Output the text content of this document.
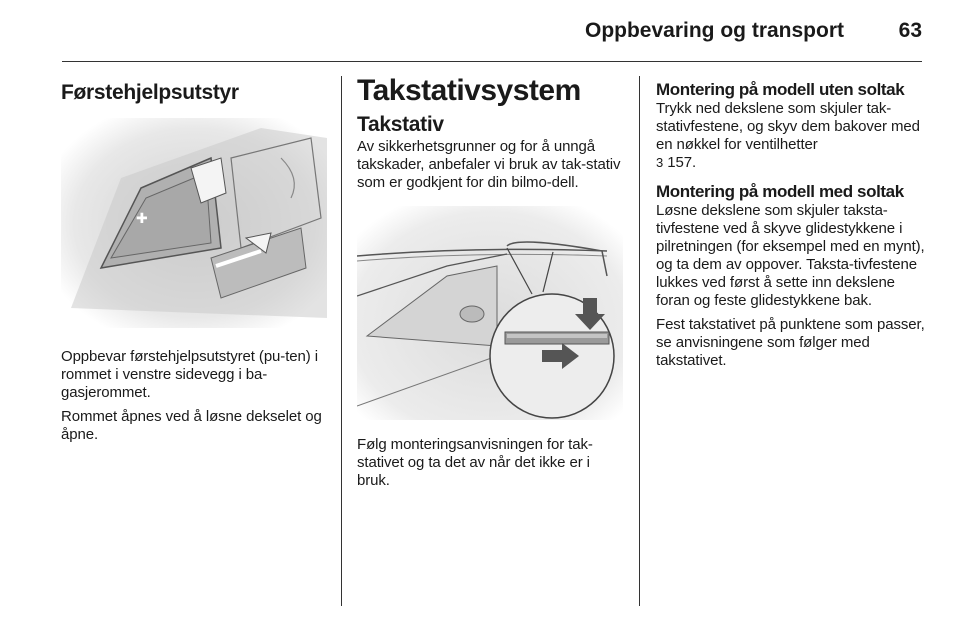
Oppbevaring og transport	63
Førstehjelpsutstyr
✚

Oppbevar førstehjelpsutstyret (pu-ten) i rommet i venstre sidevegg i ba-gasjerommet.

Rommet åpnes ved å løsne dekselet og åpne.

Takstativsystem
Takstativ

Av sikkerhetsgrunner og for å unngå takskader, anbefaler vi bruk av tak-stativ som er godkjent for din bilmo-dell.

Følg monteringsanvisningen for tak-stativet og ta det av når det ikke er i bruk.

Montering på modell uten soltak

Trykk ned dekslene som skjuler tak-stativfestene, og skyv dem bakover med en nøkkel for ventilhetter
3 157.

Montering på modell med soltak

Løsne dekslene som skjuler taksta-tivfestene ved å skyve glidestykkene i pilretningen (for eksempel med en mynt), og ta dem av oppover. Taksta-tivfestene lukkes ved først å sette inn dekslene foran og feste glidestykkene bak.

Fest takstativet på punktene som passer, se anvisningene som følger med takstativet.
